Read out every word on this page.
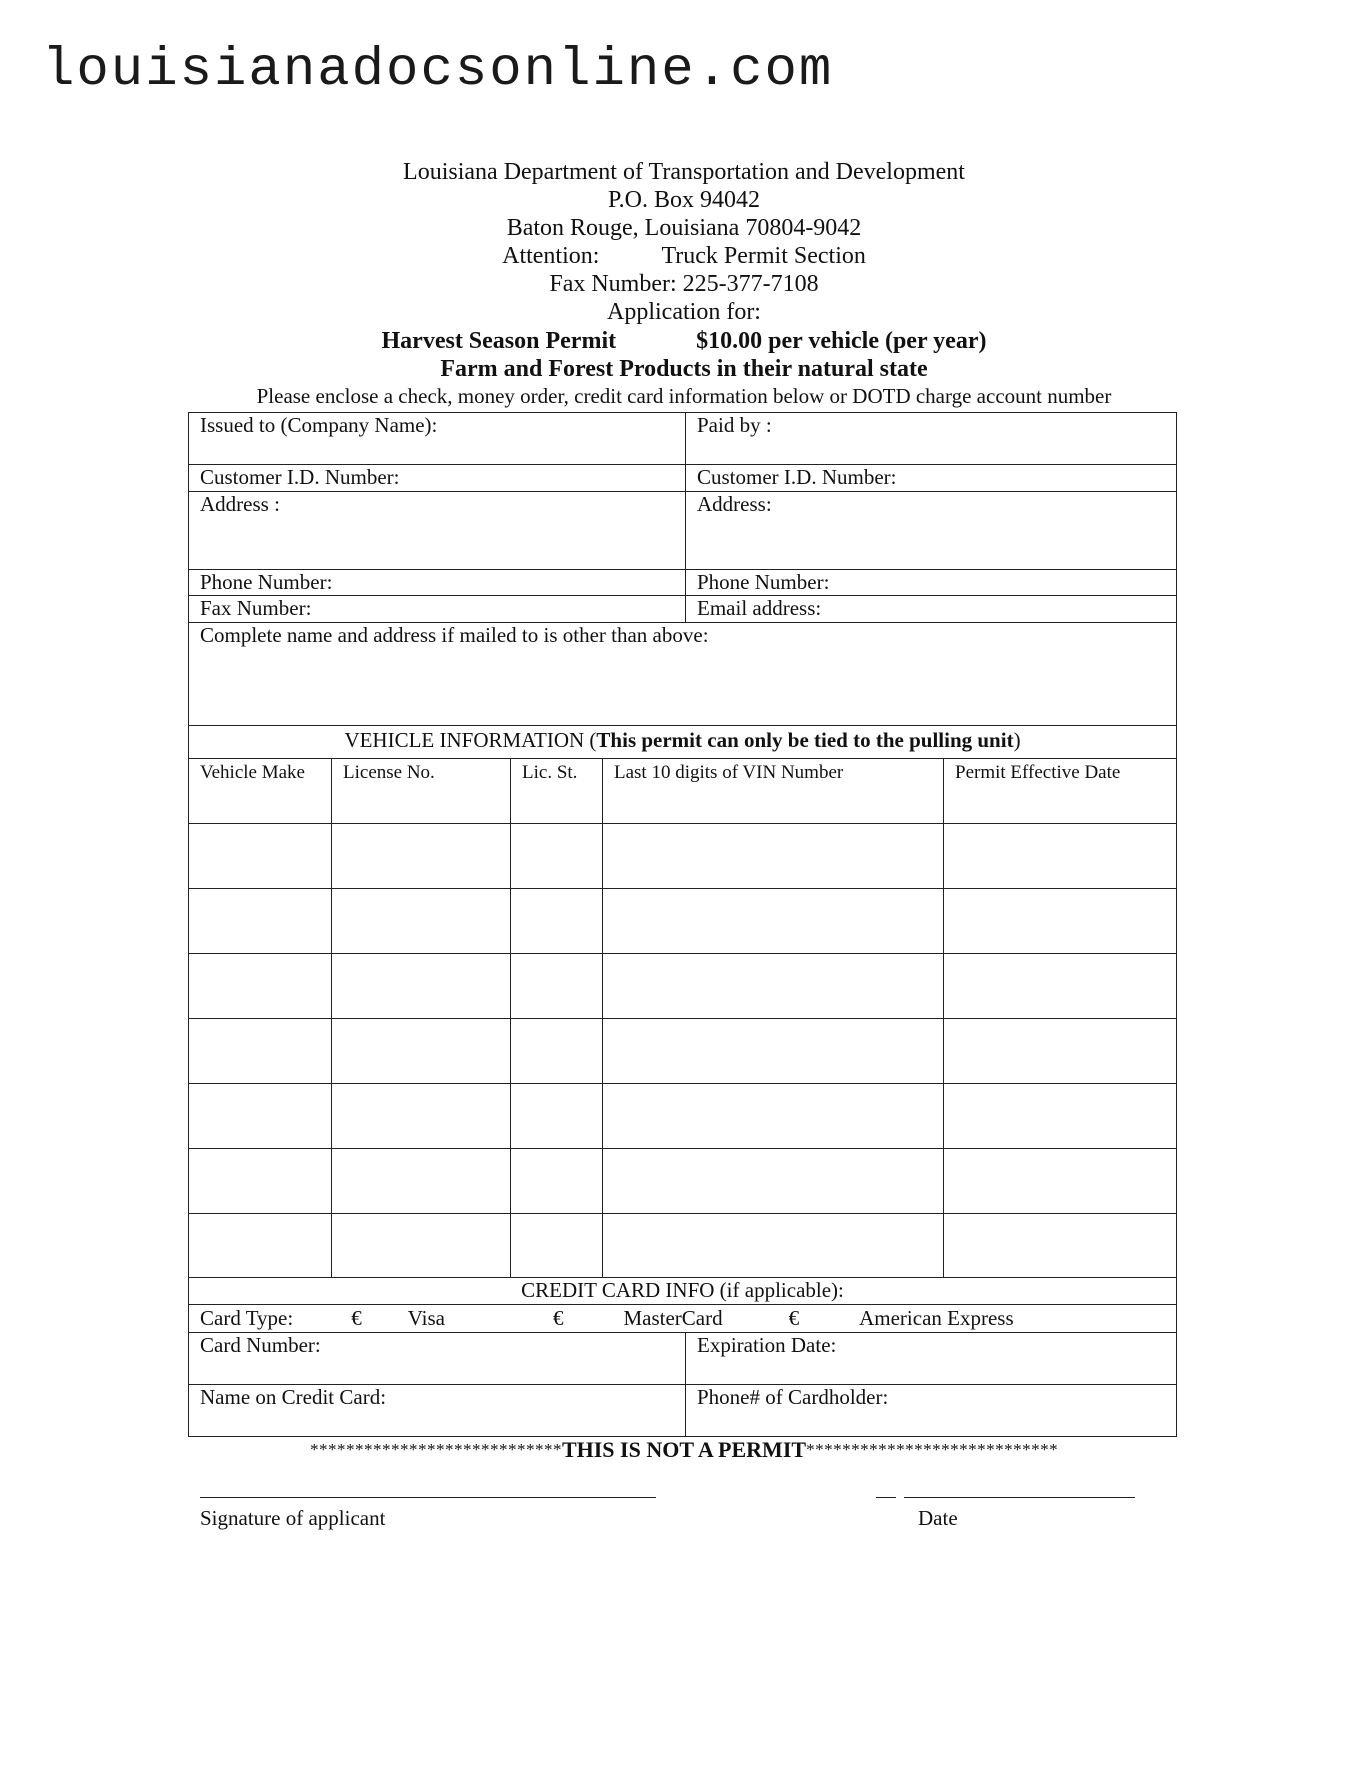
louisianadocsonline.com
Louisiana Department of Transportation and Development
P.O. Box 94042
Baton Rouge, Louisiana 70804-9042
Attention:	Truck Permit Section
Fax Number: 225-377-7108
Application for:
Harvest Season Permit	$10.00 per vehicle (per year)
Farm and Forest Products in their natural state
Please enclose a check, money order, credit card information below or DOTD charge account number
Issued to (Company Name):				Paid by :	
Customer I.D. Number:				Customer I.D. Number:	
Address :				Address:	
Phone Number:				Phone Number:	
Fax Number:				Email address:	
Complete name and address if mailed to is other than above:					
VEHICLE INFORMATION (This permit can only be tied to the pulling unit)					
Vehicle Make	License No.	Lic. St.	Last 10 digits of VIN Number		Permit Effective Date

CREDIT CARD INFO (if applicable):					
Card Type: € Visa € MasterCard € American Express					
Card Number:				Expiration Date:	
Name on Credit Card:				Phone# of Cardholder:	
****************************THIS IS NOT A PERMIT****************************
Signature of applicant	Date
